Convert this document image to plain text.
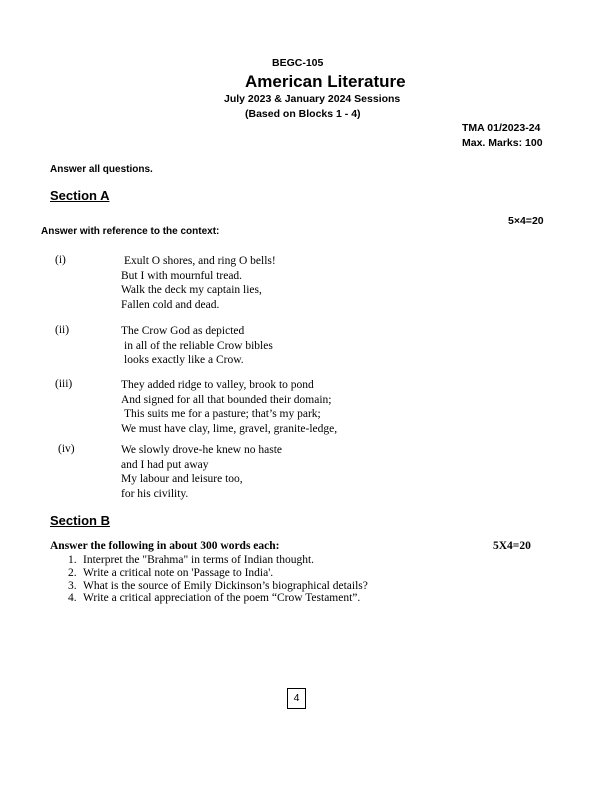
BEGC-105
American Literature
July 2023 & January 2024 Sessions
(Based on Blocks 1 - 4)
TMA 01/2023-24
Max. Marks: 100
Answer all questions.
Section A
5×4=20
Answer with reference to the context:
(i)	Exult O shores, and ring O bells!
But I with mournful tread.
Walk the deck my captain lies,
Fallen cold and dead.
(ii)	The Crow God as depicted
in all of the reliable Crow bibles
looks exactly like a Crow.
(iii)	They added ridge to valley, brook to pond
And signed for all that bounded their domain;
This suits me for a pasture; that’s my park;
We must have clay, lime, gravel, granite-ledge,
(iv)	We slowly drove-he knew no haste
and I had put away
My labour and leisure too,
for his civility.
Section B
Answer the following in about 300 words each:	5X4=20
1. Interpret the "Brahma" in terms of Indian thought.
2. Write a critical note on 'Passage to India'.
3. What is the source of Emily Dickinson’s biographical details?
4. Write a critical appreciation of the poem “Crow Testament”.
4
